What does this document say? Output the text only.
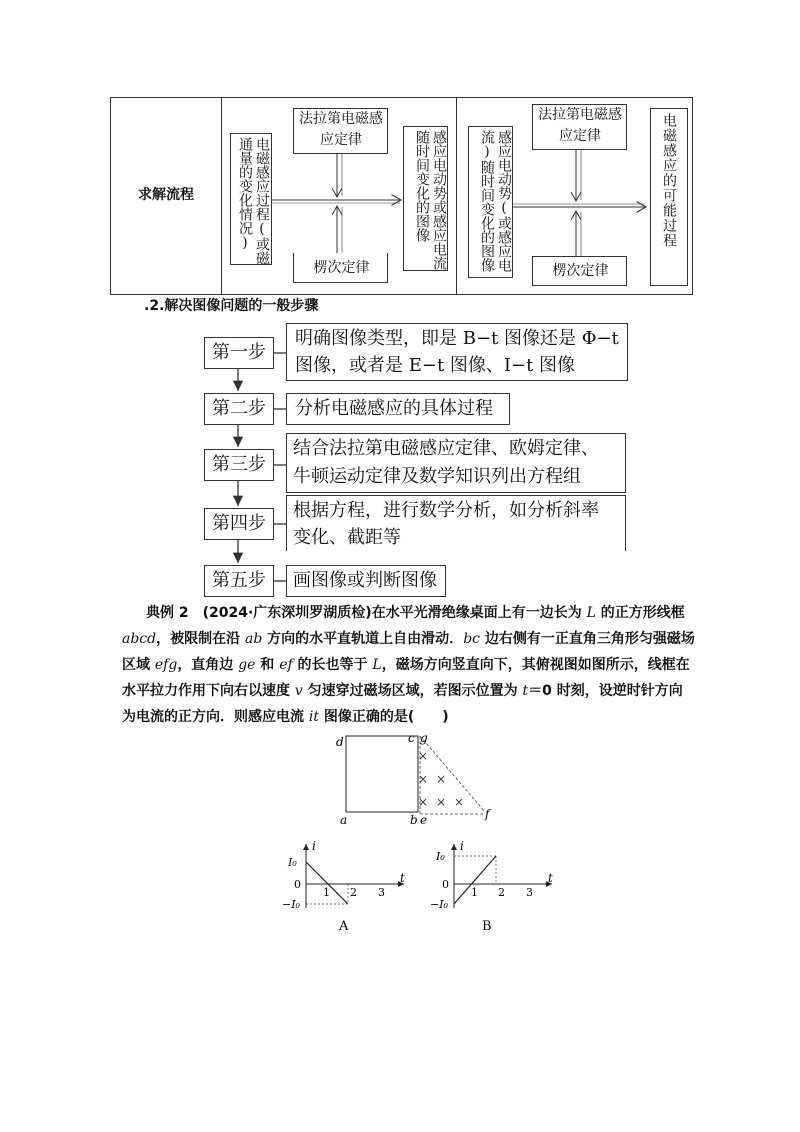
求解流程	电磁感应过程(或磁通量的变化情况)
法拉第电磁感应定律
楞次定律	感应电动势或感应电流随时间变化的图像	感应电动势(或感应电流)随时间变化的图像
法拉第电磁感应定律
楞次定律
电磁感应的可能过程
.2.解决图像问题的一般步骤
第一步
明确图像类型，即是 B−t 图像还是 Φ−t
图像，或者是 E−t 图像、I−t 图像
第二步	分析电磁感应的具体过程
第三步
结合法拉第电磁感应定律、欧姆定律、
牛顿运动定律及数学知识列出方程组
第四步
根据方程，进行数学分析，如分析斜率
变化、截距等
第五步	画图像或判断图像
典例 2　(2024·广东深圳罗湖质检)在水平光滑绝缘桌面上有一边长为 L 的正方形线框
abcd，被限制在沿 ab 方向的水平直轨道上自由滑动．bc 边右侧有一正直角三角形匀强磁场
区域 efg，直角边 ge 和 ef 的长也等于 L，磁场方向竖直向下，其俯视图如图所示，线框在
水平拉力作用下向右以速度 v 匀速穿过磁场区域，若图示位置为 t＝0 时刻，设逆时针方向
为电流的正方向．则感应电流 it 图像正确的是(　　)
d	c g
a	b e	f
×
× ×
× × ×
i
t
I₀
0
−I₀
1 2 3
A
i
t
I₀
0
−I₀
1 2 3
B
